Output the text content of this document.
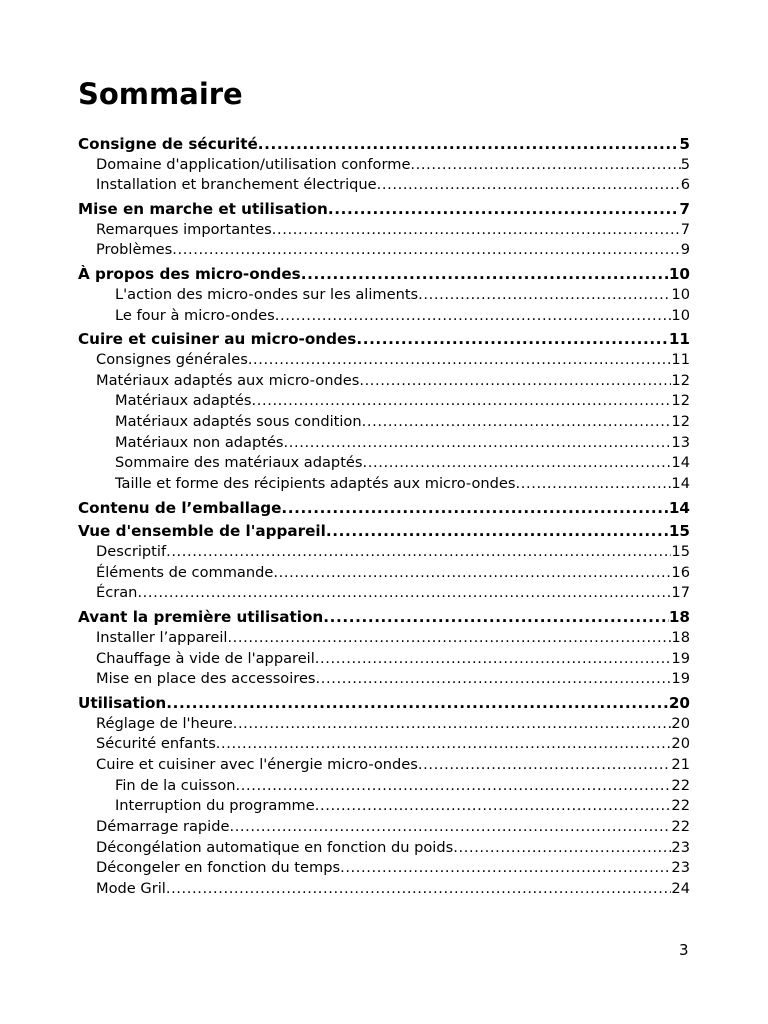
Sommaire
Consigne de sécurité .....	5
Domaine d'application/utilisation conforme .....	5
Installation et branchement électrique .....	6
Mise en marche et utilisation .....	7
Remarques importantes .....	7
Problèmes .....	9
À propos des micro-ondes .....	10
L'action des micro-ondes sur les aliments .....	10
Le four à micro-ondes .....	10
Cuire et cuisiner au micro-ondes .....	11
Consignes générales .....	11
Matériaux adaptés aux micro-ondes .....	12
Matériaux adaptés .....	12
Matériaux adaptés sous condition .....	12
Matériaux non adaptés .....	13
Sommaire des matériaux adaptés .....	14
Taille et forme des récipients adaptés aux micro-ondes .....	14
Contenu de l’emballage .....	14
Vue d'ensemble de l'appareil .....	15
Descriptif .....	15
Éléments de commande .....	16
Écran .....	17
Avant la première utilisation .....	18
Installer l’appareil .....	18
Chauffage à vide de l'appareil .....	19
Mise en place des accessoires .....	19
Utilisation .....	20
Réglage de l'heure .....	20
Sécurité enfants .....	20
Cuire et cuisiner avec l'énergie micro-ondes .....	21
Fin de la cuisson .....	22
Interruption du programme .....	22
Démarrage rapide .....	22
Décongélation automatique en fonction du poids .....	23
Décongeler en fonction du temps .....	23
Mode Gril .....	24
3
